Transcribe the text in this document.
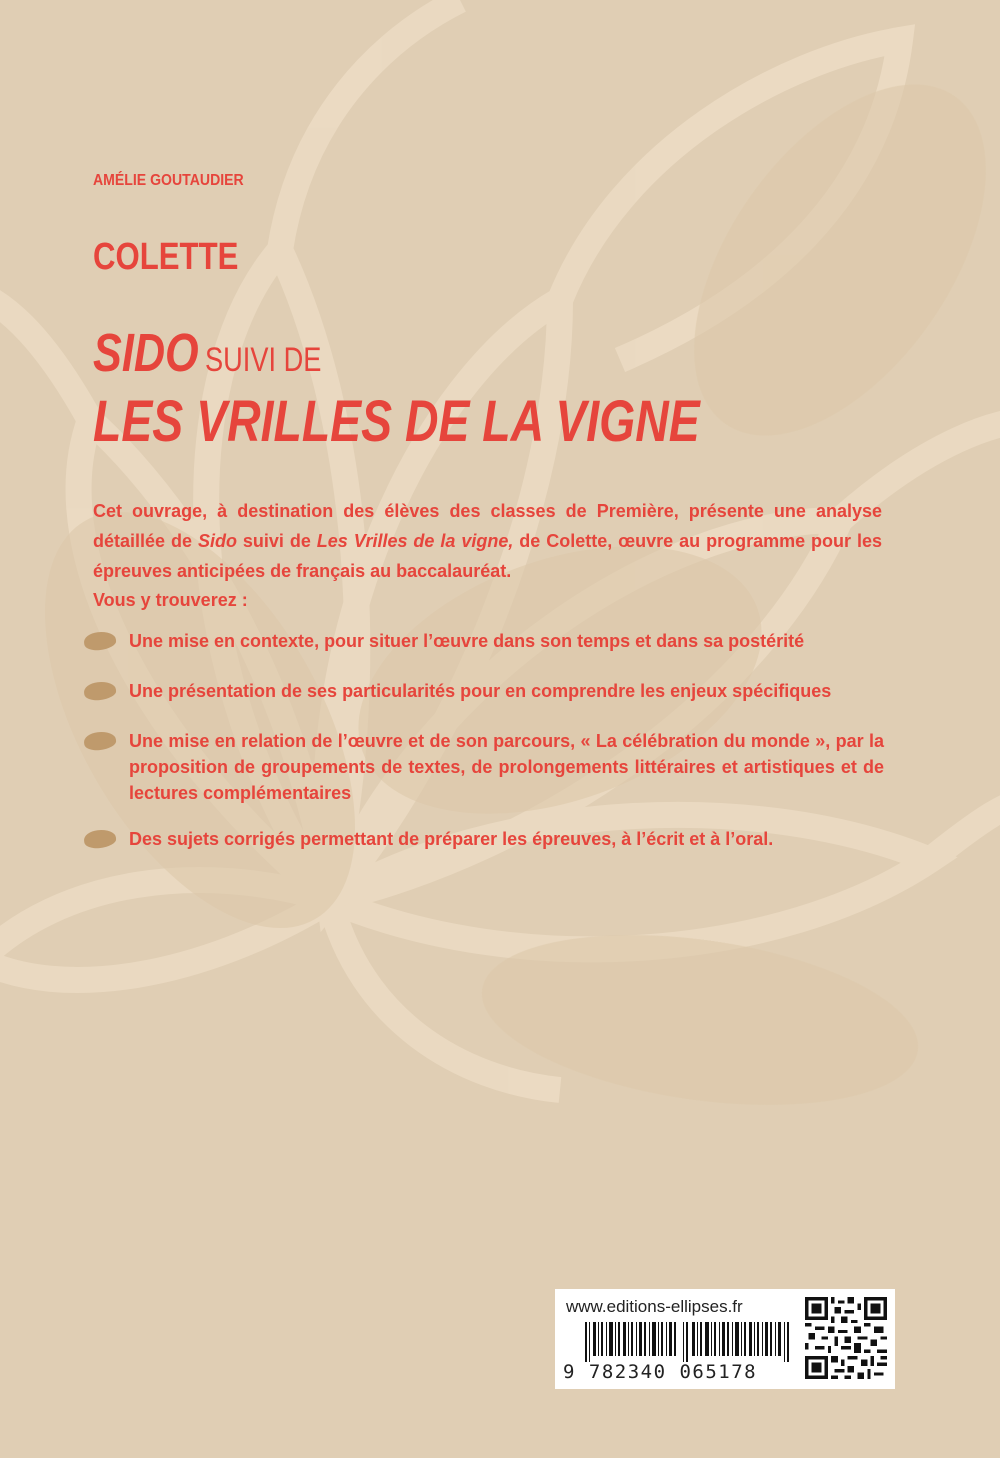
AMÉLIE GOUTAUDIER
COLETTE
SIDO SUIVI DE
LES VRILLES DE LA VIGNE

Cet ouvrage, à destination des élèves des classes de Première, présente une analyse détaillée de Sido suivi de Les Vrilles de la vigne, de Colette, œuvre au programme pour les épreuves anticipées de français au baccalauréat.

Vous y trouverez :

Une mise en contexte, pour situer l’œuvre dans son temps et dans sa postérité
Une présentation de ses particularités pour en comprendre les enjeux spécifiques
Une mise en relation de l’œuvre et de son parcours, « La célébration du monde », par la proposition de groupements de textes, de prolongements littéraires et artistiques et de lectures complémentaires
Des sujets corrigés permettant de préparer les épreuves, à l’écrit et à l’oral.
www.editions-ellipses.fr
9 782340 065178
